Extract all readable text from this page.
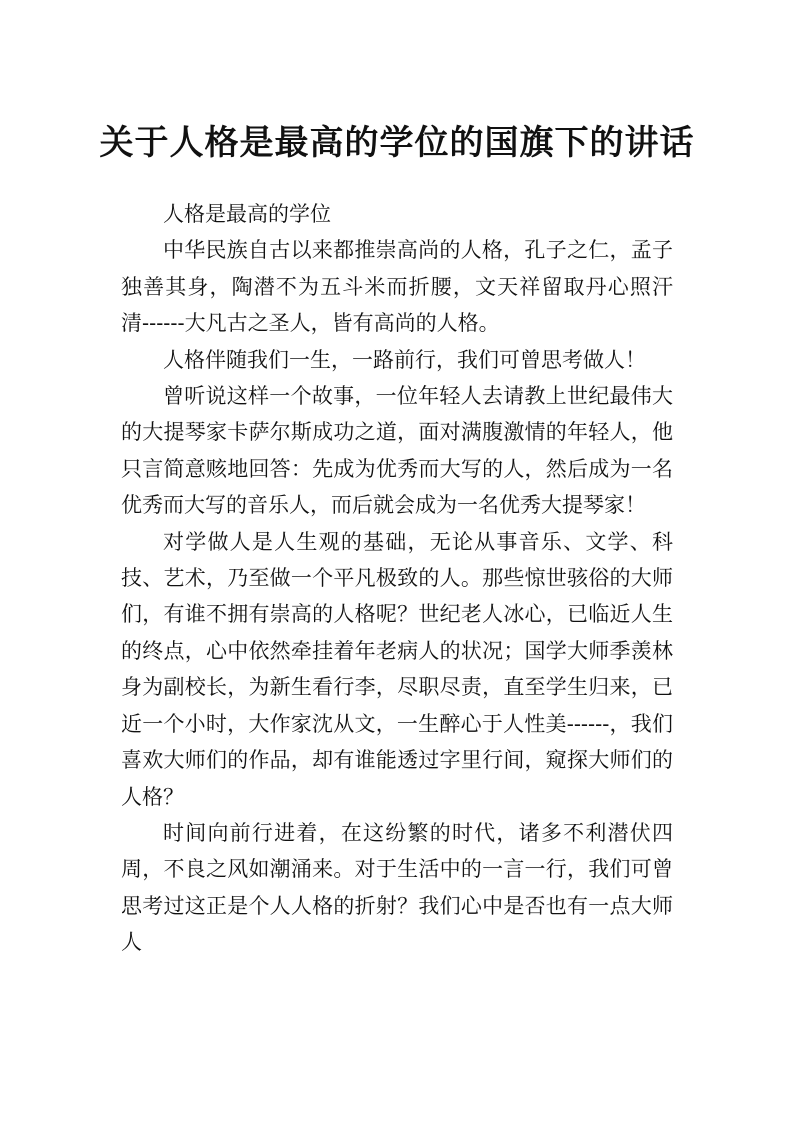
关于人格是最高的学位的国旗下的讲话

人格是最高的学位

中华民族自古以来都推崇高尚的人格，孔子之仁，孟子独善其身，陶潜不为五斗米而折腰，文天祥留取丹心照汗清------大凡古之圣人，皆有高尚的人格。

人格伴随我们一生，一路前行，我们可曾思考做人！

曾听说这样一个故事，一位年轻人去请教上世纪最伟大的大提琴家卡萨尔斯成功之道，面对满腹激情的年轻人，他只言简意赅地回答：先成为优秀而大写的人，然后成为一名优秀而大写的音乐人，而后就会成为一名优秀大提琴家！

对学做人是人生观的基础，无论从事音乐、文学、科技、艺术，乃至做一个平凡极致的人。那些惊世骇俗的大师们，有谁不拥有崇高的人格呢？世纪老人冰心，已临近人生的终点，心中依然牵挂着年老病人的状况；国学大师季羡林身为副校长，为新生看行李，尽职尽责，直至学生归来，已近一个小时，大作家沈从文，一生醉心于人性美------，我们喜欢大师们的作品，却有谁能透过字里行间，窥探大师们的人格？

时间向前行进着，在这纷繁的时代，诸多不利潜伏四周，不良之风如潮涌来。对于生活中的一言一行，我们可曾思考过这正是个人人格的折射？我们心中是否也有一点大师人
